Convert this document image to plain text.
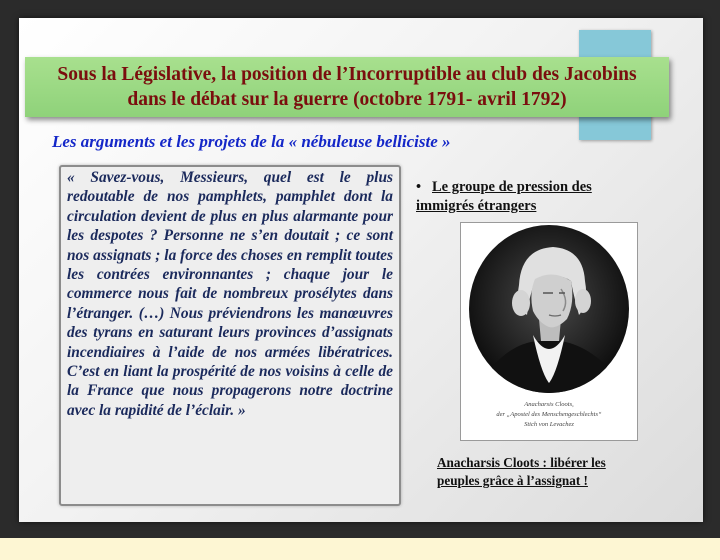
Sous la Législative, la position de l’Incorruptible au club des Jacobins dans le débat sur la guerre (octobre 1791- avril 1792)

Les arguments et les projets de la « nébuleuse belliciste »

« Savez-vous, Messieurs, quel est le plus redoutable de nos pamphlets, pamphlet dont la circulation devient de plus en plus alarmante pour les despotes ? Personne ne s’en doutait ; ce sont nos assignats ; la force des choses en remplit toutes les contrées environnantes ; chaque jour le commerce nous fait de nombreux prosélytes dans l’étranger. (…) Nous préviendrons les manœuvres des tyrans en saturant leurs provinces d’assignats incendiaires à l’aide de nos armées libératrices. C’est en liant la prospérité de nos voisins à celle de la France que nous propagerons notre doctrine avec la rapidité de l’éclair. »

• Le groupe de pression des
immigrés étrangers

Anacharsis Cloots,
der „Apostel des Menschengeschlechts“
Stich von Levachez

Anacharsis Cloots : libérer les
peuples grâce à l’assignat !
